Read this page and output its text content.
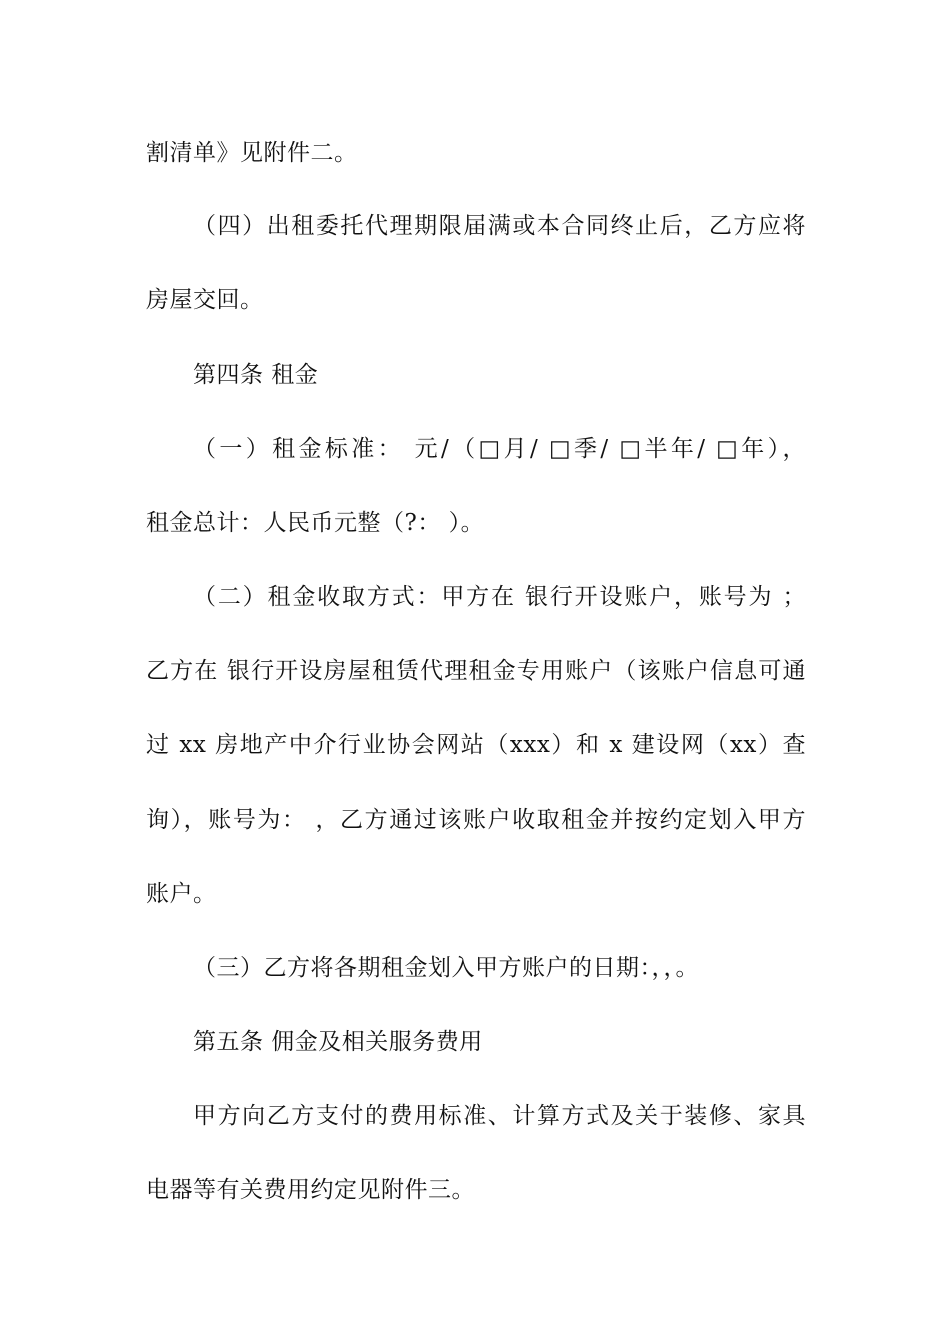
割清单》见附件二。
（四）出租委托代理期限届满或本合同终止后，乙方应将
房屋交回。
第四条 租金
（一）租金标准： 元/（□月/ □季/ □半年/ □年），
租金总计：人民币元整（?： ）。
（二）租金收取方式：甲方在 银行开设账户，账号为 ；
乙方在 银行开设房屋租赁代理租金专用账户（该账户信息可通
过 xx 房地产中介行业协会网站（xxx）和 x 建设网（xx）查
询），账号为： ，乙方通过该账户收取租金并按约定划入甲方
账户。
（三）乙方将各期租金划入甲方账户的日期：，，。
第五条 佣金及相关服务费用
甲方向乙方支付的费用标准、计算方式及关于装修、家具
电器等有关费用约定见附件三。
